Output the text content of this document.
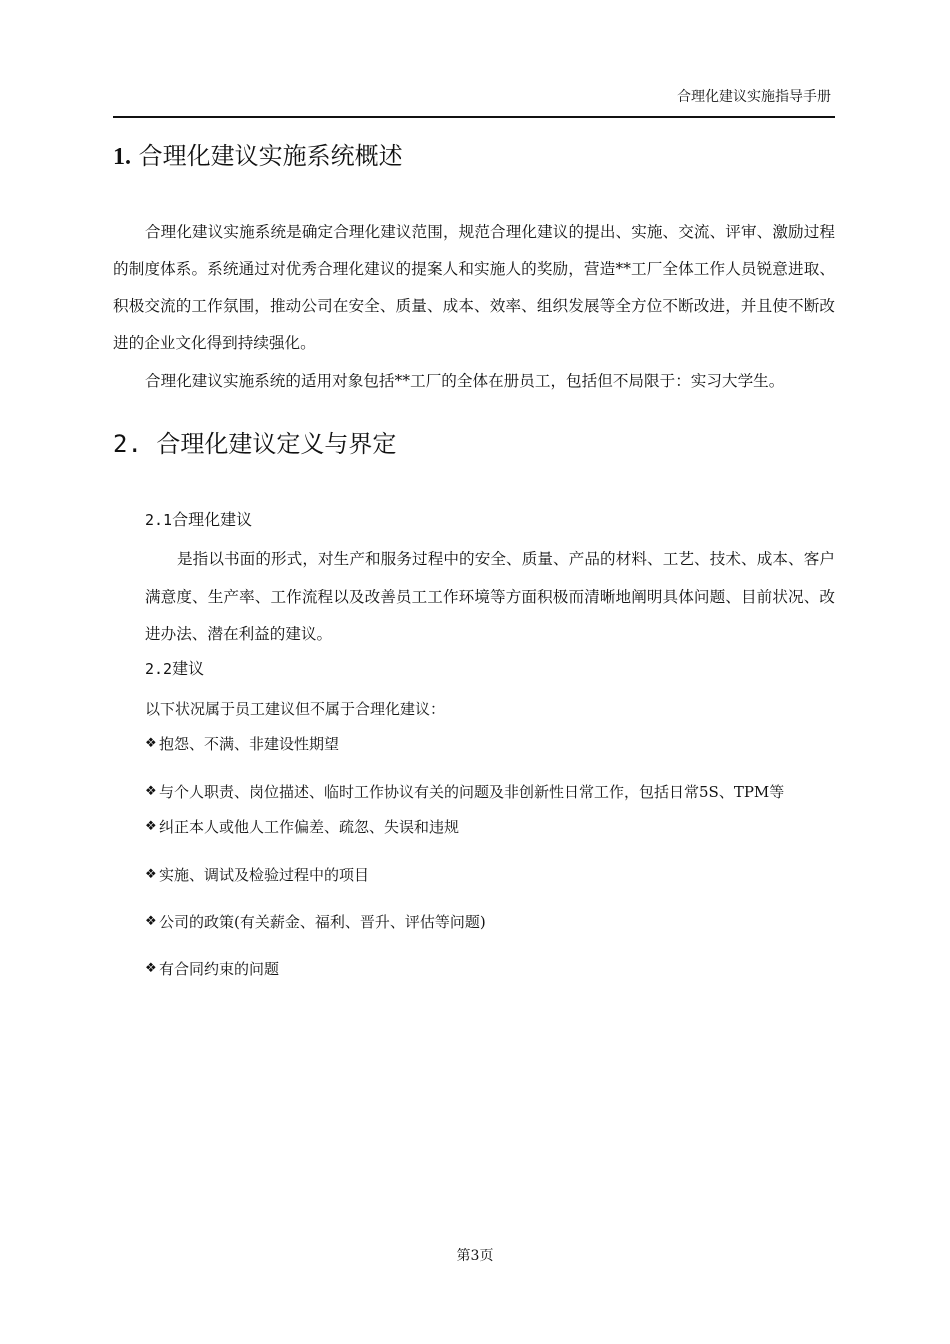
合理化建议实施指导手册
1. 合理化建议实施系统概述

合理化建议实施系统是确定合理化建议范围，规范合理化建议的提出、实施、交流、评审、激励过程的制度体系。系统通过对优秀合理化建议的提案人和实施人的奖励，营造**工厂全体工作人员锐意进取、积极交流的工作氛围，推动公司在安全、质量、成本、效率、组织发展等全方位不断改进，并且使不断改进的企业文化得到持续强化。

合理化建议实施系统的适用对象包括**工厂的全体在册员工，包括但不局限于：实习大学生。

2. 合理化建议定义与界定
2.1合理化建议

是指以书面的形式，对生产和服务过程中的安全、质量、产品的材料、工艺、技术、成本、客户满意度、生产率、工作流程以及改善员工工作环境等方面积极而清晰地阐明具体问题、目前状况、改进办法、潜在利益的建议。

2.2建议

以下状况属于员工建议但不属于合理化建议：

❖ 抱怨、不满、非建设性期望
❖ 与个人职责、岗位描述、临时工作协议有关的问题及非创新性日常工作，包括日常5S、TPM等
❖ 纠正本人或他人工作偏差、疏忽、失误和违规
❖ 实施、调试及检验过程中的项目
❖ 公司的政策(有关薪金、福利、晋升、评估等问题)
❖ 有合同约束的问题
第3页
